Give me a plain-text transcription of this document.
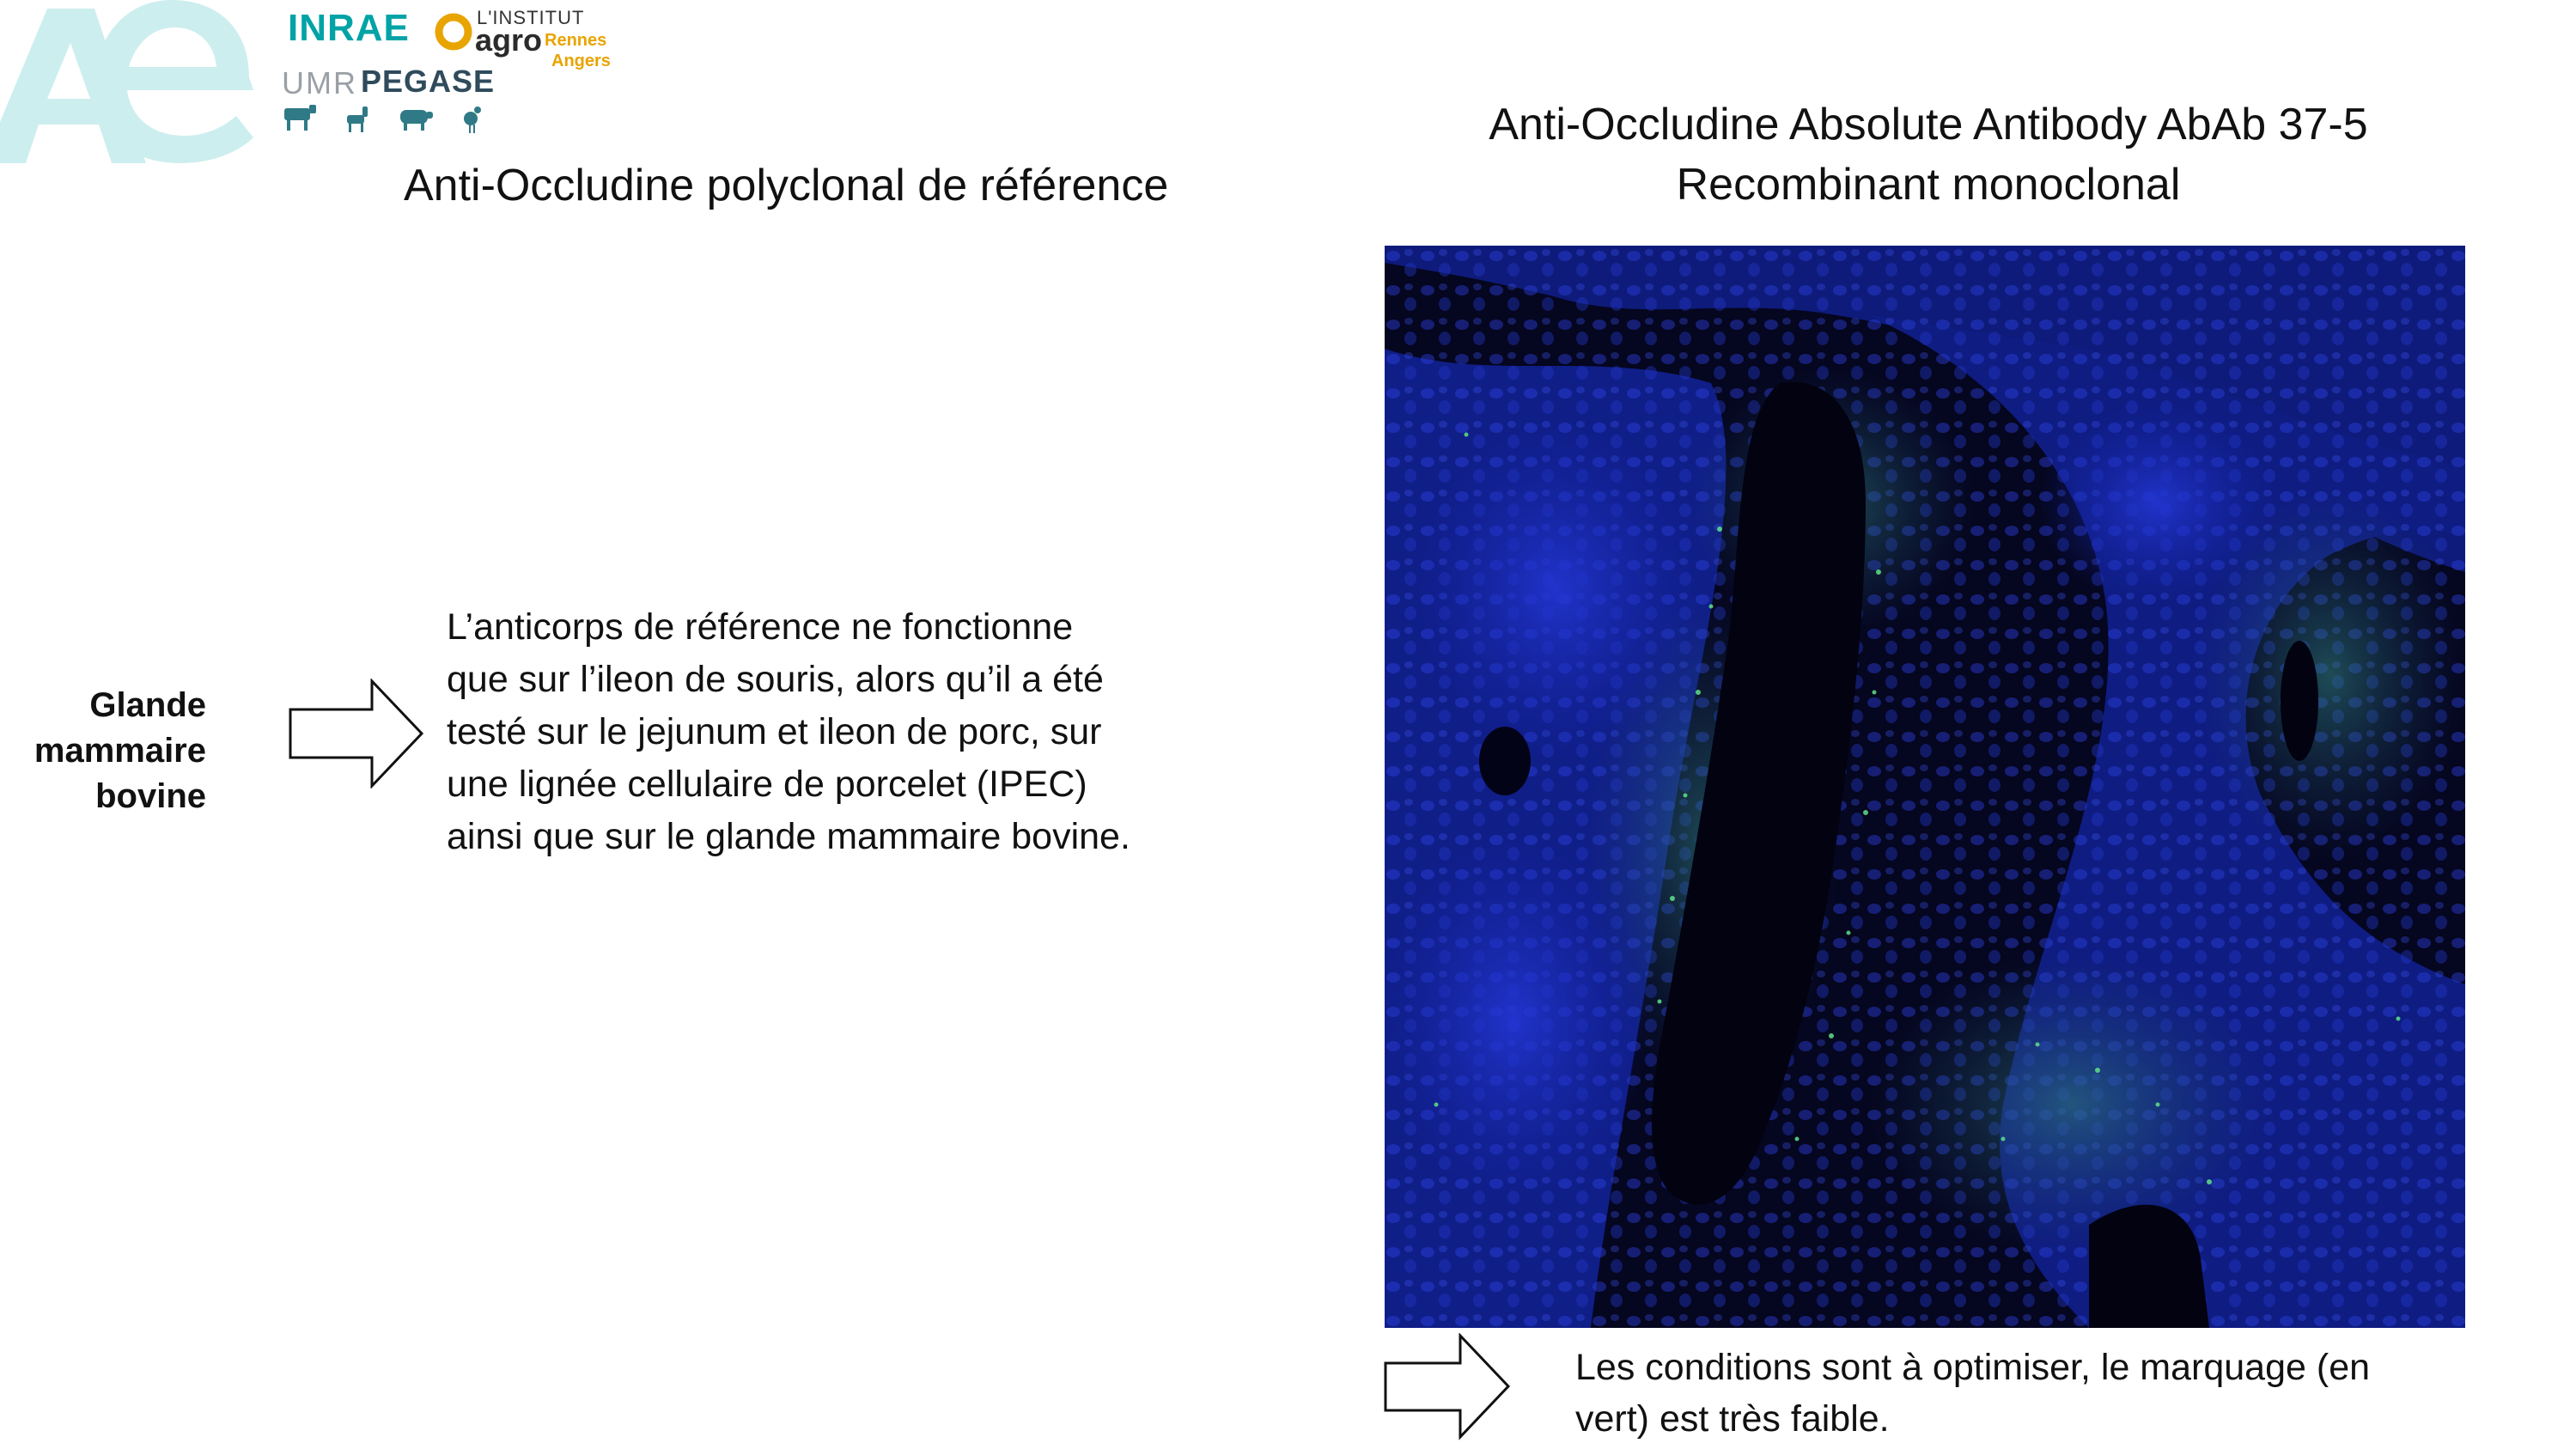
INRAE	L'INSTITUT
agro Rennes
Angers
UMR PEGASE
Anti-Occludine polyclonal de référence
Anti-Occludine Absolute Antibody AbAb 37-5
Recombinant monoclonal
Glande
mammaire
bovine
L’anticorps de référence ne fonctionne
que sur l’ileon de souris, alors qu’il a été
testé sur le jejunum et ileon de porc, sur
une lignée cellulaire de porcelet (IPEC)
ainsi que sur le glande mammaire bovine.
Les conditions sont à optimiser, le marquage (en
vert) est très faible.
